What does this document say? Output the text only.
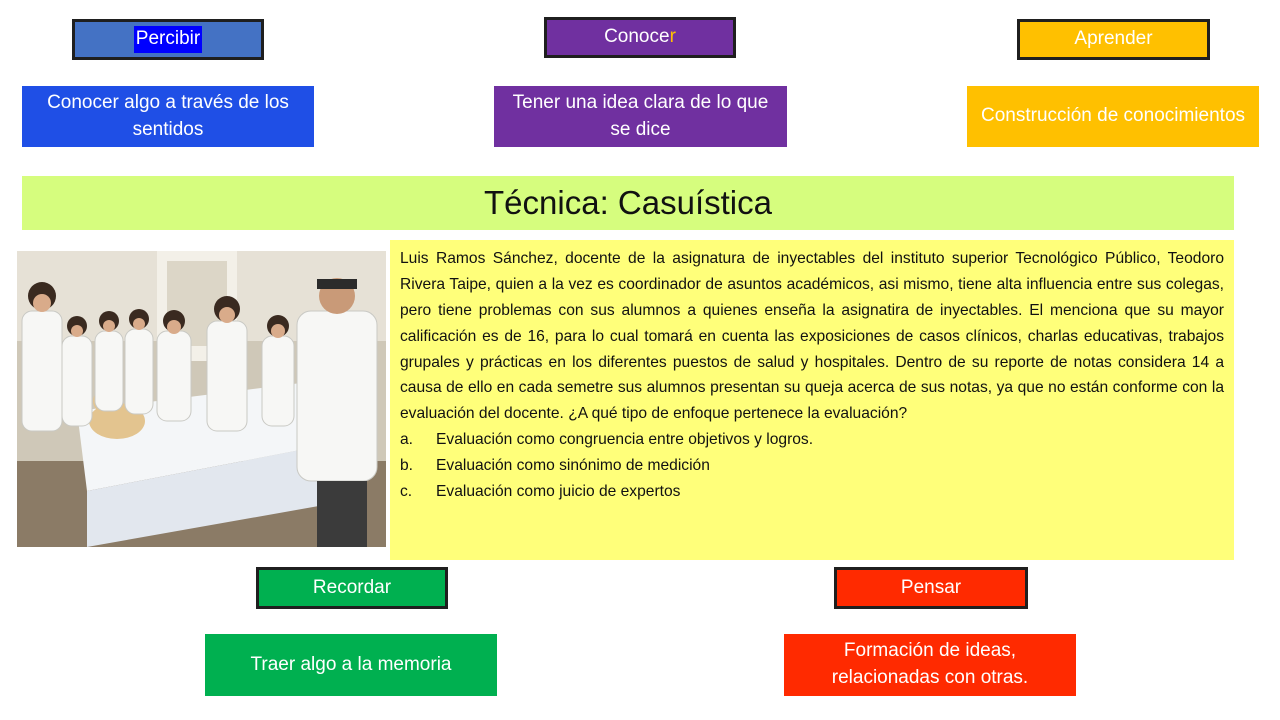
Percibir	Conoce r	Aprender
Conocer algo a través de los sentidos
Tener una idea clara de lo que se dice
Construcción de conocimientos
Técnica: Casuística

Luis Ramos Sánchez, docente de la asignatura de inyectables del instituto superior Tecnológico Público, Teodoro Rivera Taipe, quien a la vez es coordinador de asuntos académicos, asi mismo, tiene alta influencia entre sus colegas, pero tiene problemas con sus alumnos a quienes enseña la asignatira de inyectables. El menciona que su mayor calificación es de 16, para lo cual tomará en cuenta las exposiciones de casos clínicos, charlas educativas, trabajos grupales y prácticas en los diferentes puestos de salud y hospitales. Dentro de su reporte de notas considera 14 a causa de ello en cada semetre sus alumnos presentan su queja acerca de sus notas, ya que no están conforme con la evaluación del docente. ¿A qué tipo de enfoque pertenece la evaluación?

a.	Evaluación como congruencia entre objetivos y logros.
b.	Evaluación como sinónimo de medición
c.	Evaluación como juicio de expertos
Recordar	Pensar
Traer algo a la memoria
Formación de ideas, relacionadas con otras.
